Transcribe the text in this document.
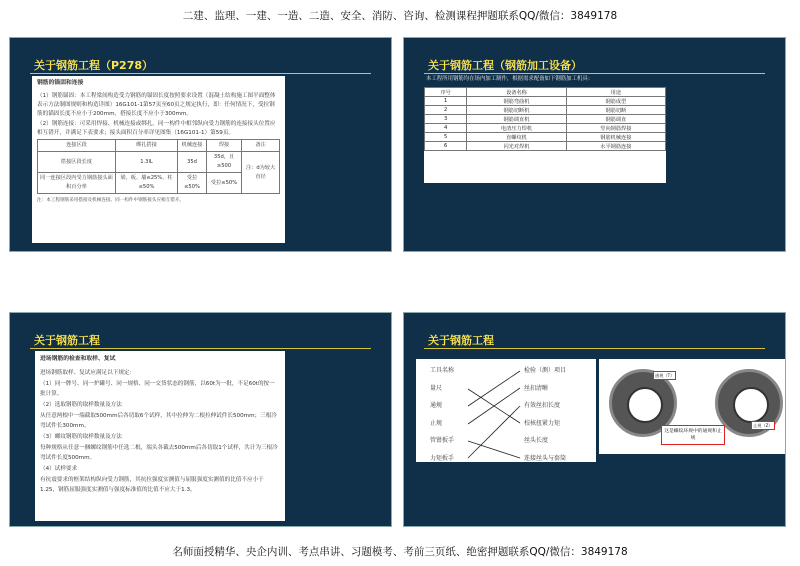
二建、监理、一建、一造、二造、安全、消防、咨询、检测课程押题联系QQ/微信：3849178
关于钢筋工程（P278）
钢筋的锚固和连接

（1）钢筋锚固：本工程梁间构造受力钢筋的锚固长度按照要求设置（混凝土结构施工图平面整体表示方法制图规则和构造详图）16G101-1第57页至60页之规定执行，即：任何情况下，受拉钢筋的锚固长度不应小于200mm，搭接长度不应小于300mm。

（2）钢筋连接：可采用焊接、机械连接或绑扎。同一构件中相邻纵向受力钢筋的连接接头位置应相互错开，并满足下表要求；接头面积百分率详见图集（16G101-1）第59页。

连接区段	绑扎搭接	机械连接	焊接	备注
搭接区段长度	1.3lL	35d	35d，且≥500	注：d为较大直径
同一连接区段内受力钢筋接头面积百分率	梁、板、墙≤25%，柱≤50%	受拉≤50%	受拉≤50%	
注：本工程钢筋采用搭接及机械连接。同一构件中钢筋接头应相互错开。
关于钢筋工程（钢筋加工设备）
本工程所用钢筋均在场内加工制作，根据需求配备如下钢筋加工机具：
序号	设备名称	用途
1	钢筋弯曲机	钢筋成型
2	钢筋切断机	钢筋切断
3	钢筋调直机	钢筋调直
4	电渣压力焊机	竖向钢筋焊接
5	直螺纹机	钢筋机械连接
6	闪光对焊机	水平钢筋连接
关于钢筋工程
进场钢筋的检查和取样、复试

进场钢筋取样、复试应满足以下规定：

（1）同一牌号、同一炉罐号、同一规格、同一交货状态的钢筋，以60t为一批，不足60t的按一批计算。

（2）选取钢筋的取样数量及方法

从任意两根中一端截取500mm后各切取6个试样，其中拉伸为二根拉伸试件长500mm；三根冷弯试件长300mm。

（3）螺纹钢筋的取样数量及方法

每种规格从任意一捆螺纹钢筋中任选二根，端头各截去500mm后各切取1个试样，共计为三根冷弯试件长度500mm。

（4）试样要求

有抗震要求的框架结构纵向受力钢筋，其抗拉强度实测值与屈服强度实测值的比值不应小于1.25，钢筋屈服强度实测值与强度标准值的比值不应大于1.3。

关于钢筋工程
工具名称
量尺
通规
止规
管钳扳手
力矩扳手
检验（测）项目
丝扣清晰
有效丝扣长度
校核扭紧力矩
丝头长度
连接丝头与套筒
通规（T）
止规（Z）
这是螺纹环规中的通规和止规
名师面授精华、央企内训、考点串讲、习题模考、考前三页纸、绝密押题联系QQ/微信：3849178
